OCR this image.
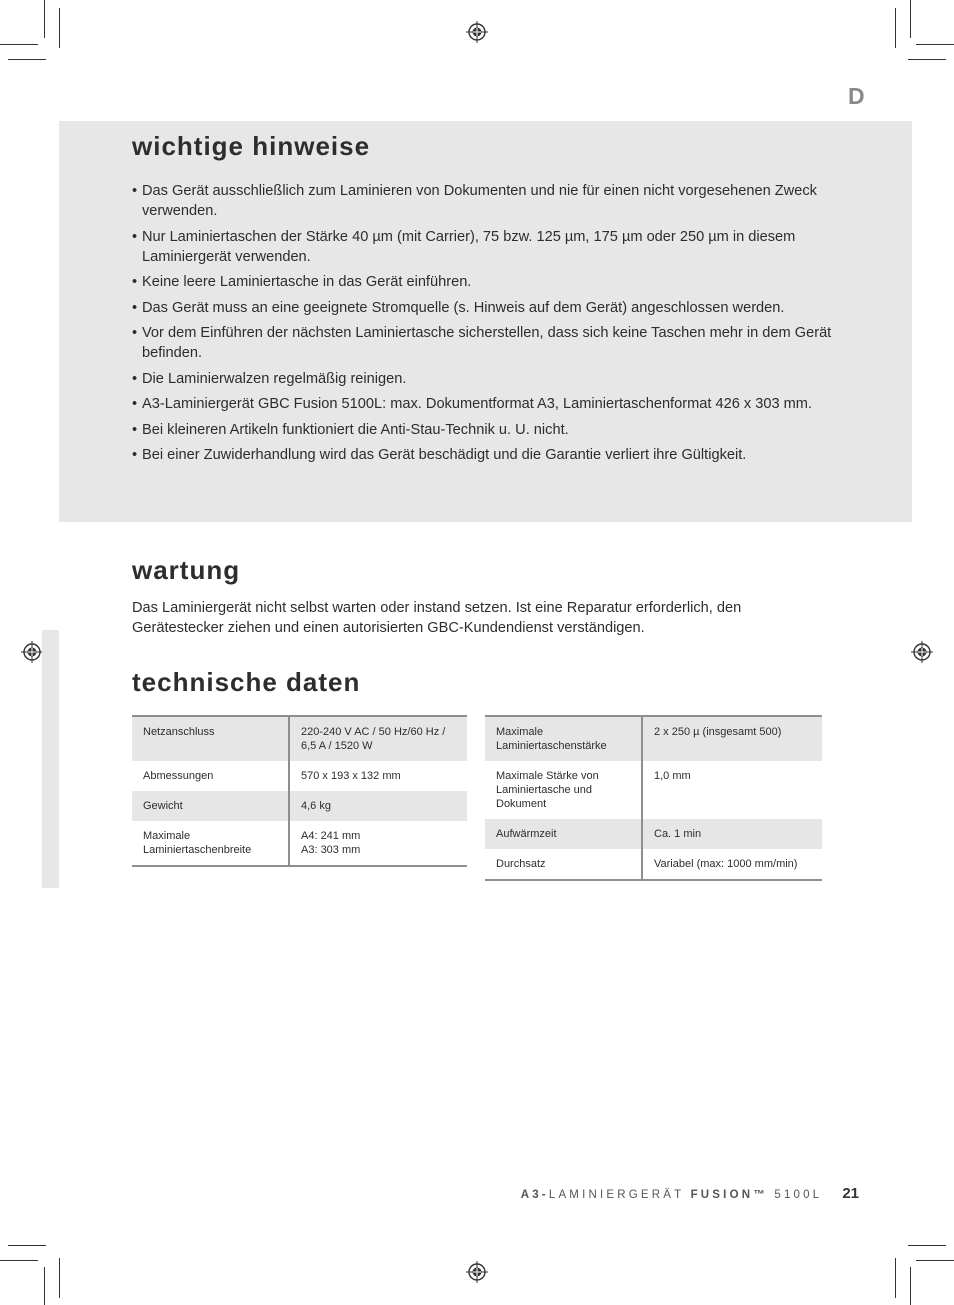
D
wichtige hinweise
• Das Gerät ausschließlich zum Laminieren von Dokumenten und nie für einen nicht vorgesehenen Zweck verwenden.
• Nur Laminiertaschen der Stärke 40 µm (mit Carrier), 75 bzw. 125 µm, 175 µm oder 250 µm in diesem Laminiergerät verwenden.
• Keine leere Laminiertasche in das Gerät einführen.
• Das Gerät muss an eine geeignete Stromquelle (s. Hinweis auf dem Gerät) angeschlossen werden.
• Vor dem Einführen der nächsten Laminiertasche sicherstellen, dass sich keine Taschen mehr in dem Gerät befinden.
• Die Laminierwalzen regelmäßig reinigen.
• A3-Laminiergerät GBC Fusion 5100L: max. Dokumentformat A3, Laminiertaschenformat 426 x 303 mm.
• Bei kleineren Artikeln funktioniert die Anti-Stau-Technik u. U. nicht.
• Bei einer Zuwiderhandlung wird das Gerät beschädigt und die Garantie verliert ihre Gültigkeit.
wartung
Das Laminiergerät nicht selbst warten oder instand setzen. Ist eine Reparatur erforderlich, den Gerätestecker ziehen und einen autorisierten GBC-Kundendienst verständigen.
technische daten
Netzanschluss	220-240 V AC / 50 Hz/60 Hz / 6,5 A / 1520 W
Abmessungen	570 x 193 x 132 mm
Gewicht	4,6 kg
Maximale Laminiertaschenbreite	A4: 241 mm
A3: 303 mm
Maximale Laminiertaschenstärke	2 x 250 µ (insgesamt 500)
Maximale Stärke von Laminiertasche und Dokument	1,0 mm
Aufwärmzeit	Ca. 1 min
Durchsatz	Variabel (max: 1000 mm/min)
A3-LAMINIERGERÄT FUSION™ 5100L 21
